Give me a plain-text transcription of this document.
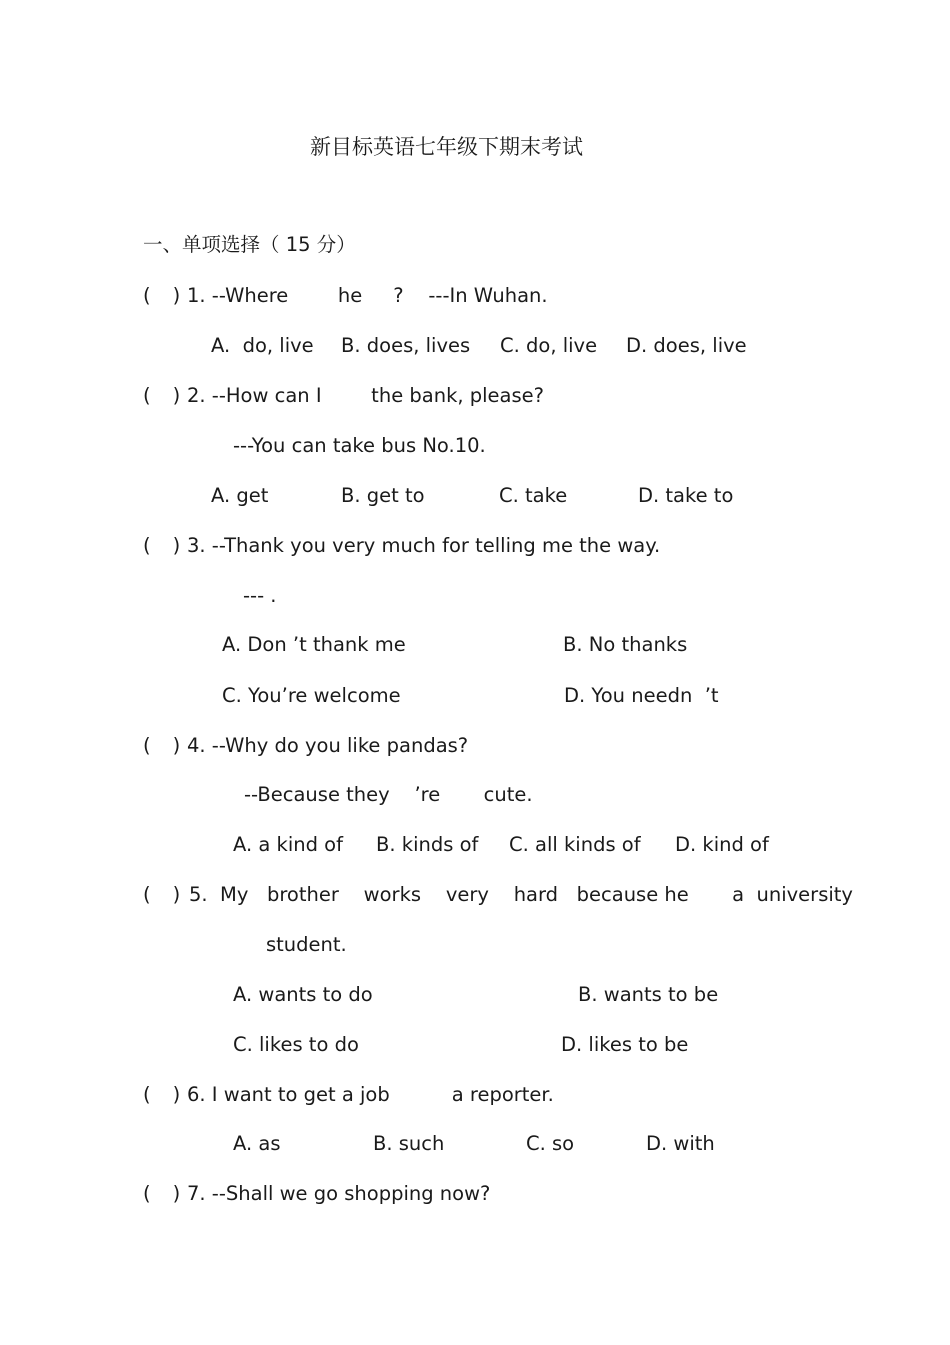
新目标英语七年级下期末考试
一、单项选择（ 15 分）
( ) 1. --Where        he     ?    ---In Wuhan.
A.  do, live B. does, lives C. do, live D. does, live
( ) 2. --How can I        the bank, please?
---You can take bus No.10.
A. get	B. get to	C. take	D. take to
( ) 3. --Thank you very much for telling me the way.
--- .
A. Don ’t thank me	B. No thanks
C. You’re welcome	D. You needn  ’t
( ) 4. --Why do you like pandas?
--Because they    ’re       cute.
A. a kind of B. kinds of C. all kinds of D. kind of
( ) 5.  My   brother    works    very    hard   because he       a  university
student.
A. wants to do	B. wants to be
C. likes to do	D. likes to be
( ) 6. I want to get a job          a reporter.
A. as	B. such	C. so	D. with
( ) 7. --Shall we go shopping now?
